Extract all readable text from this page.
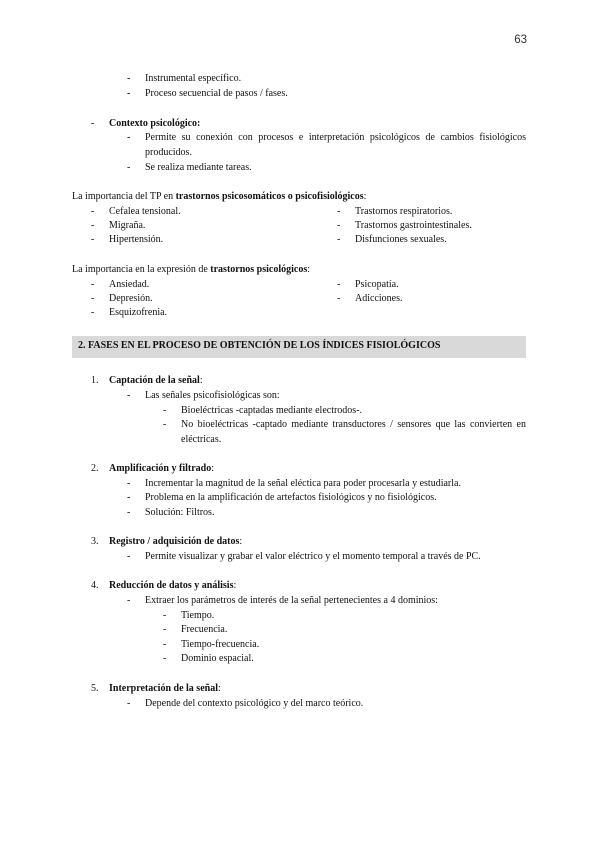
63
- Instrumental específico.
- Proceso secuencial de pasos / fases.
- Contexto psicológico:
- Permite su conexión con procesos e interpretación psicológicos de cambios fisiológicos producidos.
- Se realiza mediante tareas.
La importancia del TP en trastornos psicosomáticos o psicofisiológicos:
- Cefalea tensional.
- Migraña.
- Hipertensión.
- Trastornos respiratorios.
- Trastornos gastrointestinales.
- Disfunciones sexuales.
La importancia en la expresión de trastornos psicológicos:
- Ansiedad.
- Depresión.
- Esquizofrenia.
- Psicopatía.
- Adicciones.
2. FASES EN EL PROCESO DE OBTENCIÓN DE LOS ÍNDICES FISIOLÓGICOS
1. Captación de la señal:
- Las señales psicofisiológicas son:
- Bioeléctricas -captadas mediante electrodos-.
- No bioeléctricas -captado mediante transductores / sensores que las convierten en eléctricas.
2. Amplificación y filtrado:
- Incrementar la magnitud de la señal eléctica para poder procesarla y estudiarla.
- Problema en la amplificación de artefactos fisiológicos y no fisiológicos.
- Solución: Filtros.
3. Registro / adquisición de datos:
- Permite visualizar y grabar el valor eléctrico y el momento temporal a través de PC.
4. Reducción de datos y análisis:
- Extraer los parámetros de interés de la señal pertenecientes a 4 dominios:
- Tiempo.
- Frecuencia.
- Tiempo-frecuencia.
- Dominio espacial.
5. Interpretación de la señal:
- Depende del contexto psicológico y del marco teórico.
